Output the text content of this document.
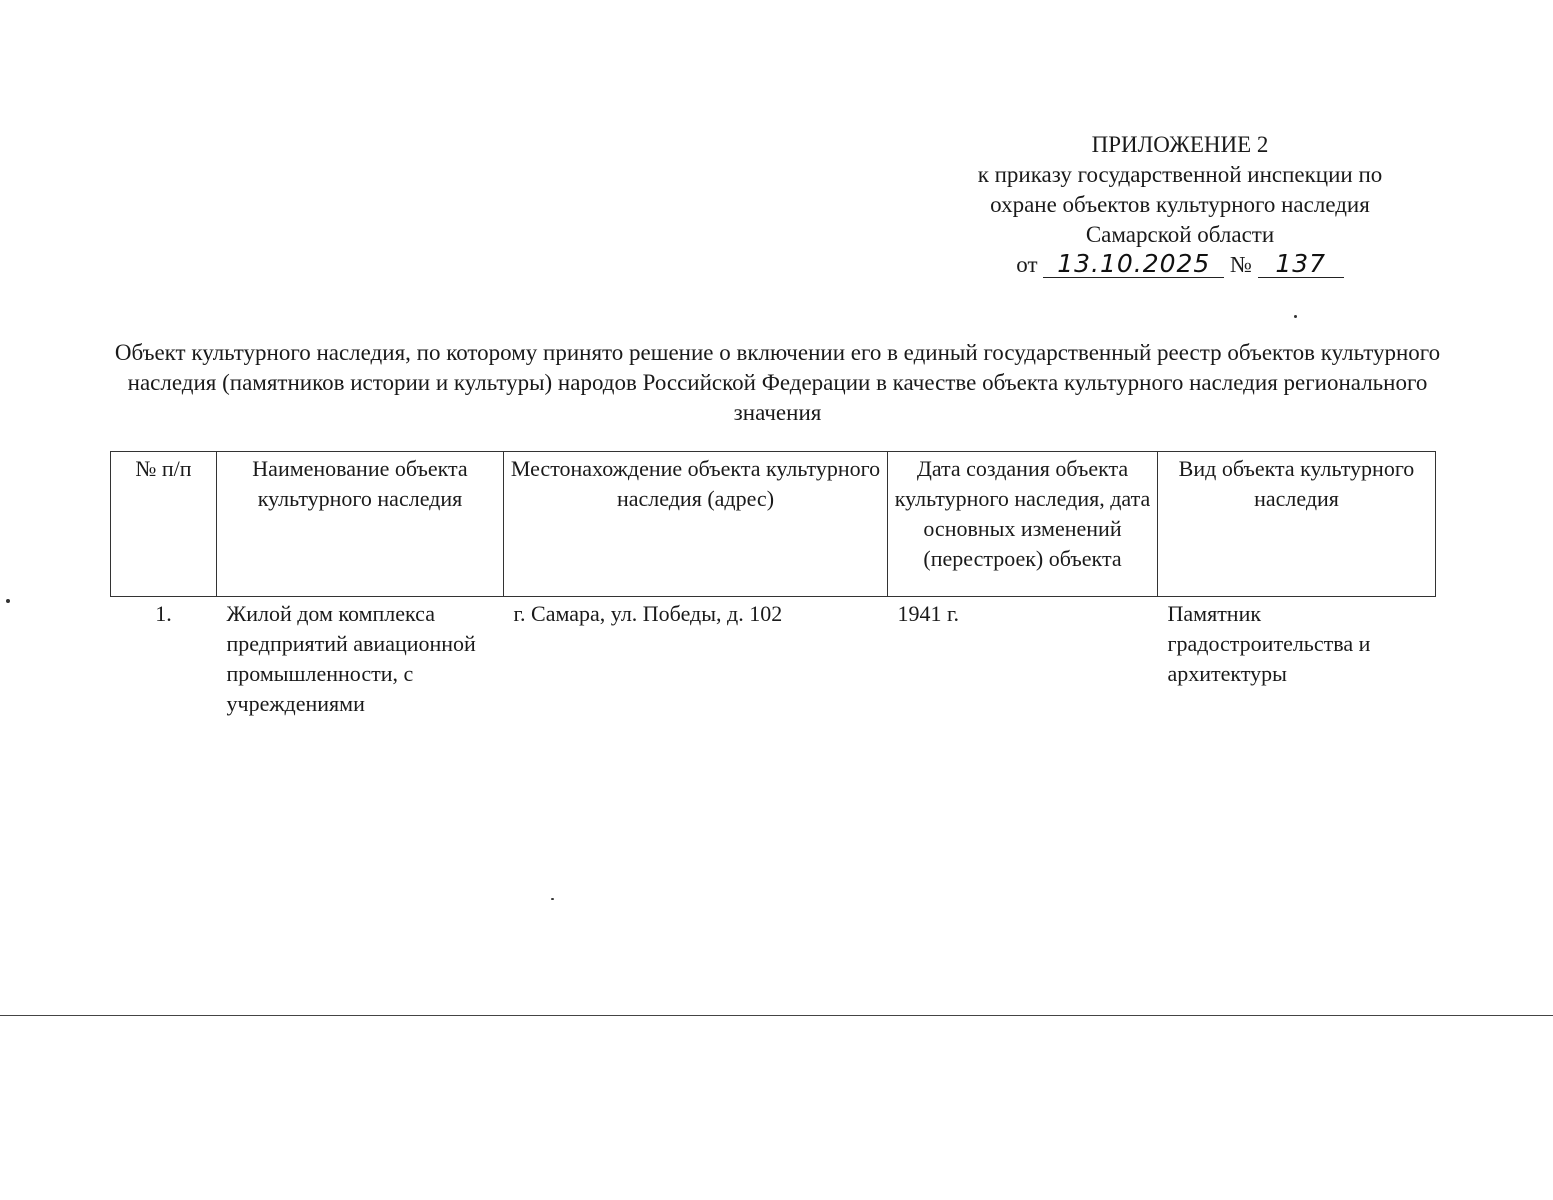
ПРИЛОЖЕНИЕ 2
к приказу государственной инспекции по
охране объектов культурного наследия
Самарской области
от 13.10.2025 № 137
Объект культурного наследия, по которому принято решение о включении его в единый государственный реестр объектов культурного наследия (памятников истории и культуры) народов Российской Федерации в качестве объекта культурного наследия регионального значения
№ п/п	Наименование объекта культурного наследия	Местонахождение объекта культурного наследия (адрес)	Дата создания объекта культурного наследия, дата основных изменений (перестроек) объекта	Вид объекта культурного наследия
1.	Жилой дом комплекса предприятий авиационной промышленности, с учреждениями	г. Самара, ул. Победы, д. 102	1941 г.	Памятник градостроительства и архитектуры
